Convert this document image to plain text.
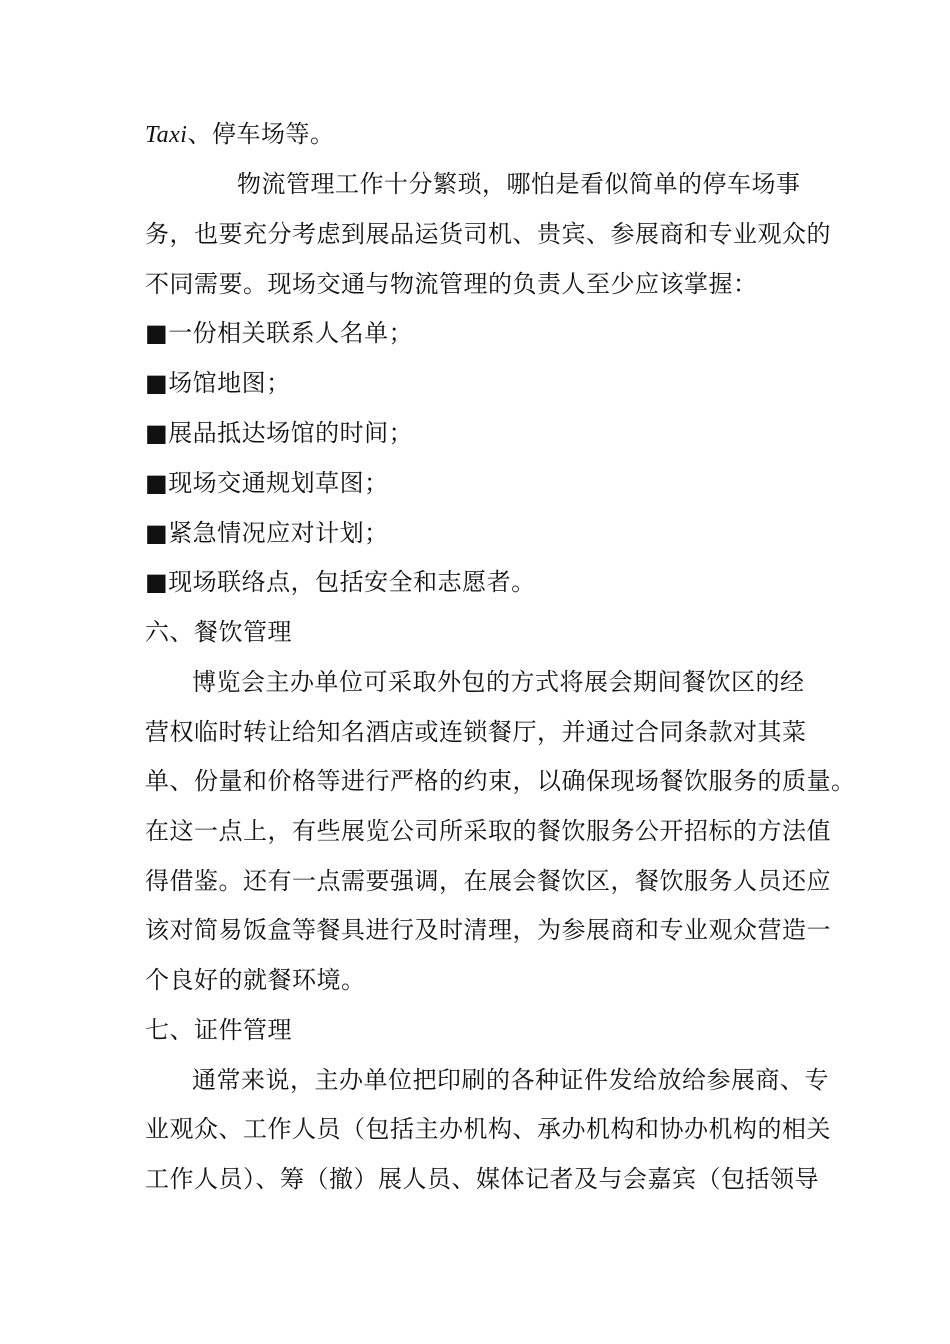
Taxi、停车场等。
物流管理工作十分繁琐，哪怕是看似简单的停车场事
务，也要充分考虑到展品运货司机、贵宾、参展商和专业观众的
不同需要。现场交通与物流管理的负责人至少应该掌握：
■一份相关联系人名单；
■场馆地图；
■展品抵达场馆的时间；
■现场交通规划草图；
■紧急情况应对计划；
■现场联络点，包括安全和志愿者。
六、餐饮管理
博览会主办单位可采取外包的方式将展会期间餐饮区的经
营权临时转让给知名酒店或连锁餐厅，并通过合同条款对其菜
单、份量和价格等进行严格的约束，以确保现场餐饮服务的质量。
在这一点上，有些展览公司所采取的餐饮服务公开招标的方法值
得借鉴。还有一点需要强调，在展会餐饮区，餐饮服务人员还应
该对简易饭盒等餐具进行及时清理，为参展商和专业观众营造一
个良好的就餐环境。
七、证件管理
通常来说，主办单位把印刷的各种证件发给放给参展商、专
业观众、工作人员（包括主办机构、承办机构和协办机构的相关
工作人员）、筹（撤）展人员、媒体记者及与会嘉宾（包括领导
